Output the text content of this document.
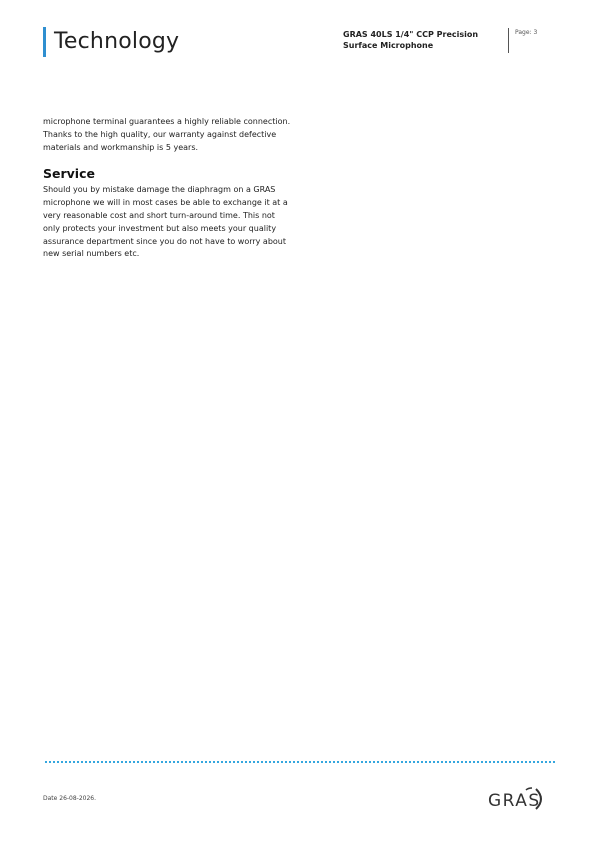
Technology	GRAS 40LS 1/4" CCP Precision Surface Microphone
Page: 3

microphone terminal guarantees a highly reliable connection. Thanks to the high quality, our warranty against defective materials and workmanship is 5 years.

Service

Should you by mistake damage the diaphragm on a GRAS microphone we will in most cases be able to exchange it at a very reasonable cost and short turn-around time. This not only protects your investment but also meets your quality assurance department since you do not have to worry about new serial numbers etc.

Date 26-08-2026.	GRAS
